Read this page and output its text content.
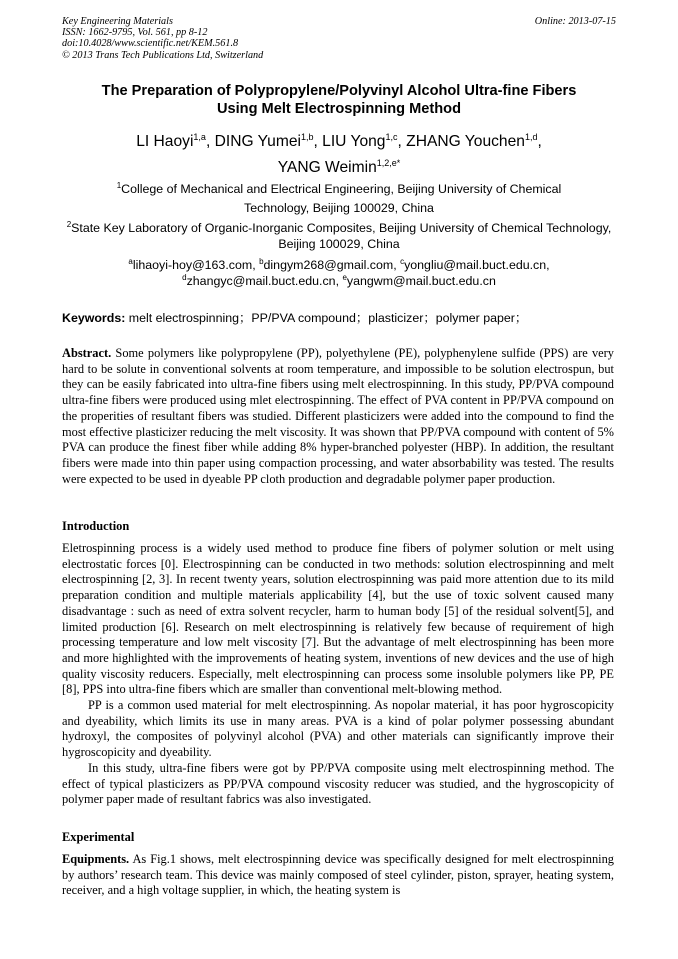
Key Engineering Materials
ISSN: 1662-9795, Vol. 561, pp 8-12
doi:10.4028/www.scientific.net/KEM.561.8
© 2013 Trans Tech Publications Ltd, Switzerland
Online: 2013-07-15
The Preparation of Polypropylene/Polyvinyl Alcohol Ultra-fine Fibers
Using Melt Electrospinning Method
LI Haoyi$^{1,a}$, DING Yumei$^{1,b}$, LIU Yong$^{1,c}$, ZHANG Youchen$^{1,d}$,
YANG Weimin$^{1,2,e*}$
$^1$College of Mechanical and Electrical Engineering, Beijing University of Chemical
Technology, Beijing 100029, China
$^2$State Key Laboratory of Organic-Inorganic Composites, Beijing University of Chemical Technology,
Beijing 100029, China
$^a$lihaoyi-hoy@163.com, $^b$dingym268@gmail.com, $^c$yongliu@mail.buct.edu.cn,
$^d$zhangyc@mail.buct.edu.cn, $^e$yangwm@mail.buct.edu.cn
Keywords: melt electrospinning；PP/PVA compound；plasticizer；polymer paper；

Abstract. Some polymers like polypropylene (PP), polyethylene (PE), polyphenylene sulfide (PPS) are very hard to be solute in conventional solvents at room temperature, and impossible to be solution electrospun, but they can be easily fabricated into ultra-fine fibers using melt electrospinning. In this study, PP/PVA compound ultra-fine fibers were produced using mlet electrospinning. The effect of PVA content in PP/PVA compound on the properities of resultant fibers was studied. Different plasticizers were added into the compound to find the most effective plasticizer reducing the melt viscosity. It was shown that PP/PVA compound with content of 5% PVA can produce the finest fiber while adding 8% hyper-branched polyester (HBP). In addition, the resultant fibers were made into thin paper using compaction processing, and water absorbability was tested. The results were expected to be used in dyeable PP cloth production and degradable polymer paper production.

Introduction

Eletrospinning process is a widely used method to produce fine fibers of polymer solution or melt using electrostatic forces [0]. Electrospinning can be conducted in two methods: solution electrospinning and melt electrospinning [2, 3]. In recent twenty years, solution electrospinning was paid more attention due to its mild preparation condition and multiple materials applicability [4], but the use of toxic solvent caused many disadvantage : such as need of extra solvent recycler, harm to human body [5] of the residual solvent[5], and limited production [6]. Research on melt electrospinning is relatively few because of requirement of high processing temperature and low melt viscosity [7]. But the advantage of melt electrospinning has been more and more highlighted with the improvements of heating system, inventions of new devices and the use of high quality viscosity reducers. Especially, melt electrospinning can process some insoluble polymers like PP, PE [8], PPS into ultra-fine fibers which are smaller than conventional melt-blowing method.

PP is a common used material for melt electrospinning. As nopolar material, it has poor hygroscopicity and dyeability, which limits its use in many areas. PVA is a kind of polar polymer possessing abundant hydroxyl, the composites of polyvinyl alcohol (PVA) and other materials can significantly improve their hygroscopicity and dyeability.

In this study, ultra-fine fibers were got by PP/PVA composite using melt electrospinning method. The effect of typical plasticizers as PP/PVA compound viscosity reducer was studied, and the hygroscopicity of polymer paper made of resultant fabrics was also investigated.

Experimental

Equipments. As Fig.1 shows, melt electrospinning device was specifically designed for melt electrospinning by authors’ research team. This device was mainly composed of steel cylinder, piston, sprayer, heating system, receiver, and a high voltage supplier, in which, the heating system is
